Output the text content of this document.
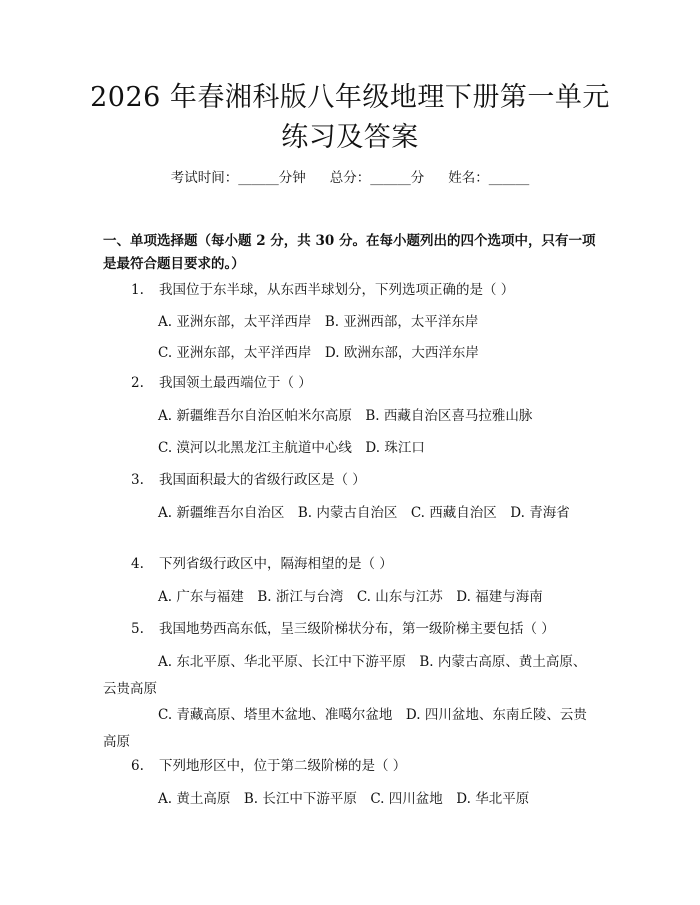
2026 年春湘科版八年级地理下册第一单元练习及答案
考试时间：______分钟 总分：______分 姓名：______
一、单项选择题（每小题 2 分，共 30 分。在每小题列出的四个选项中，只有一项是最符合题目要求的。）
1. 我国位于东半球，从东西半球划分，下列选项正确的是（ ）
A. 亚洲东部，太平洋西岸　B. 亚洲西部，太平洋东岸
C. 亚洲东部，太平洋西岸　D. 欧洲东部，大西洋东岸
2. 我国领土最西端位于（ ）
A. 新疆维吾尔自治区帕米尔高原　B. 西藏自治区喜马拉雅山脉
C. 漠河以北黑龙江主航道中心线　D. 珠江口
3. 我国面积最大的省级行政区是（ ）
A. 新疆维吾尔自治区　B. 内蒙古自治区　C. 西藏自治区　D. 青海省
4. 下列省级行政区中，隔海相望的是（ ）
A. 广东与福建　B. 浙江与台湾　C. 山东与江苏　D. 福建与海南
5. 我国地势西高东低，呈三级阶梯状分布，第一级阶梯主要包括（ ）
A. 东北平原、华北平原、长江中下游平原　B. 内蒙古高原、黄土高原、云贵高原
C. 青藏高原、塔里木盆地、准噶尔盆地　D. 四川盆地、东南丘陵、云贵高原
6. 下列地形区中，位于第二级阶梯的是（ ）
A. 黄土高原　B. 长江中下游平原　C. 四川盆地　D. 华北平原
